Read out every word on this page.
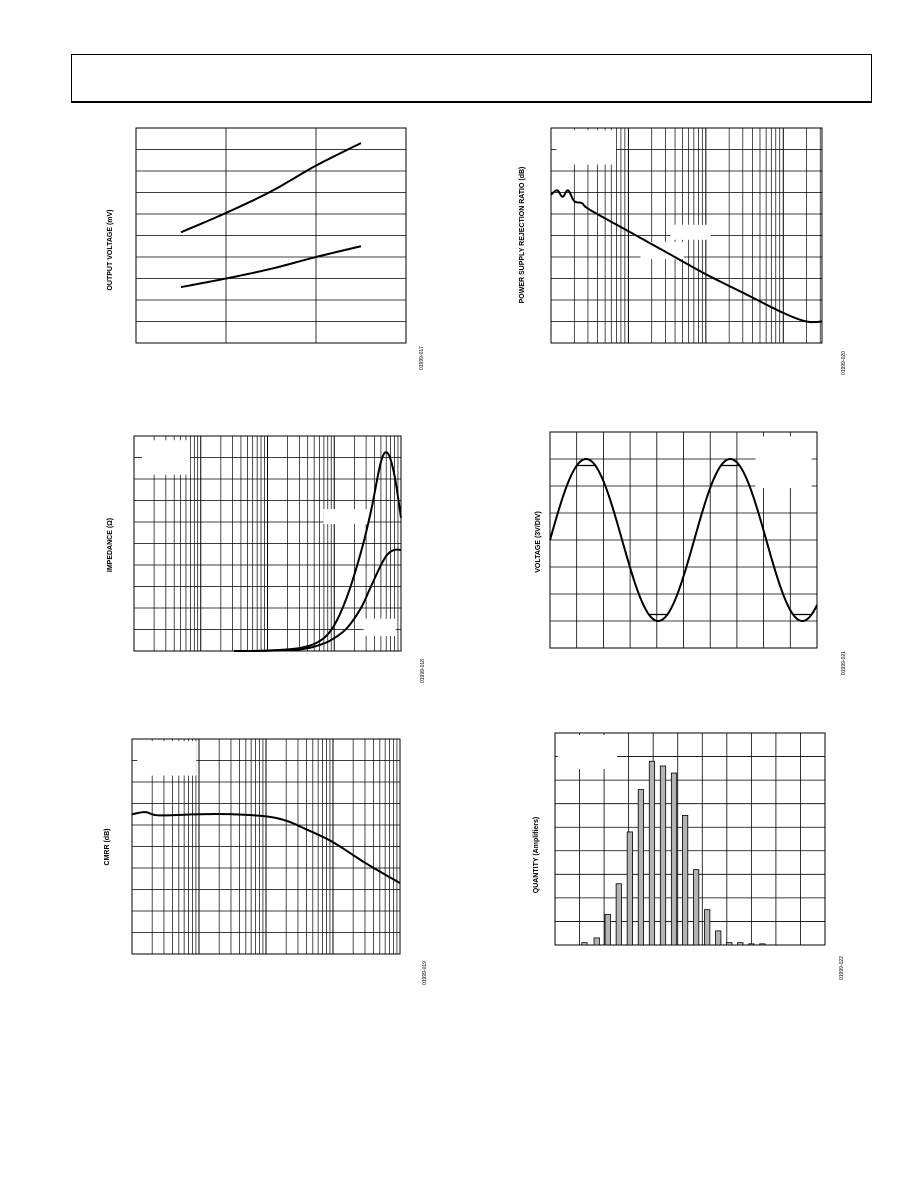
OUTPUT VOLTAGE (mV)
01999-017
POWER SUPPLY REJECTION RATIO (dB)
01999-020
IMPEDANCE (Ω)
01999-018
VOLTAGE (3V/DIV)
01999-021
CMRR (dB)
01999-019
QUANTITY (Amplifiers)
01999-022
